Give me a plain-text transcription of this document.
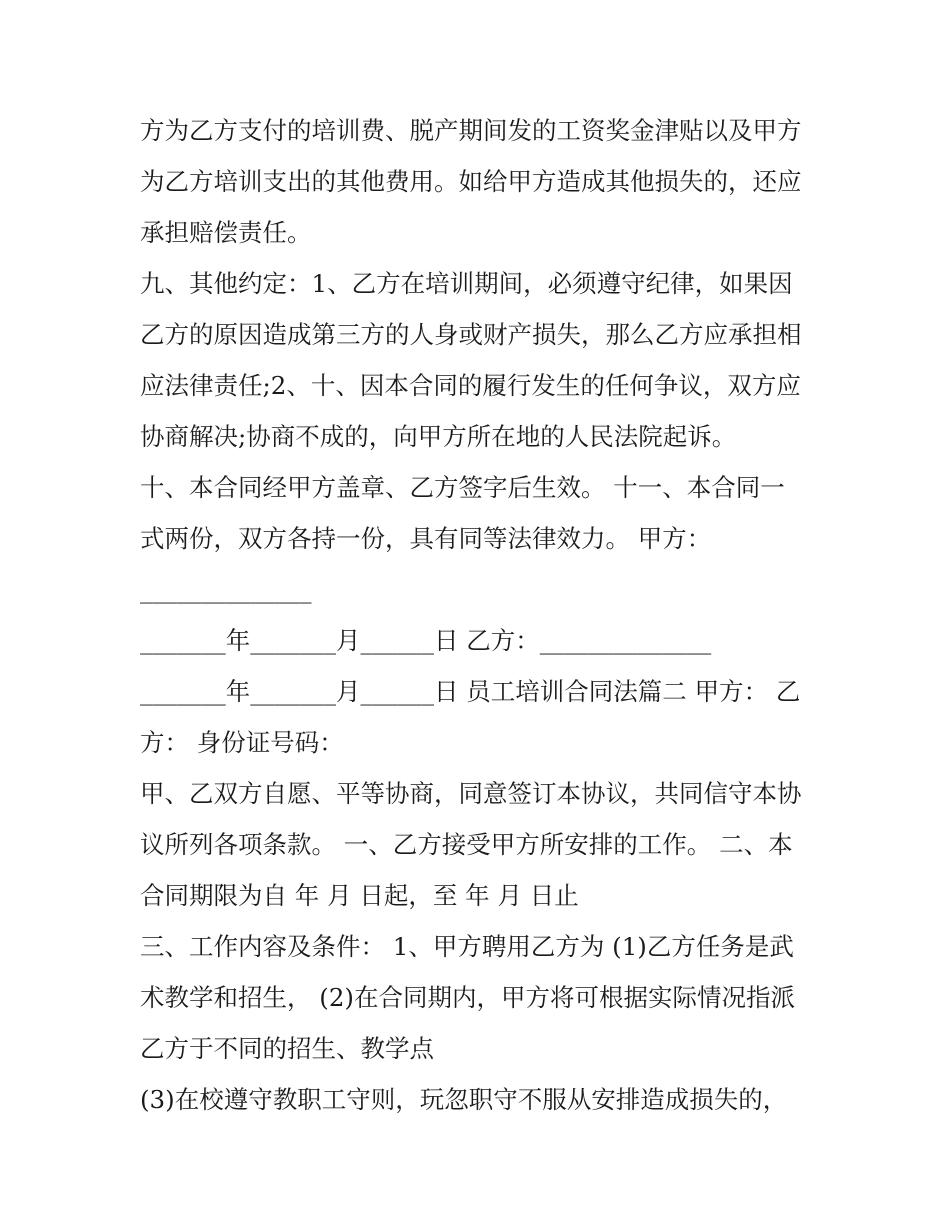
方为乙方支付的培训费、脱产期间发的工资奖金津贴以及甲方
为乙方培训支出的其他费用。如给甲方造成其他损失的，还应
承担赔偿责任。
九、其他约定：1、乙方在培训期间，必须遵守纪律，如果因
乙方的原因造成第三方的人身或财产损失，那么乙方应承担相
应法律责任;2、十、因本合同的履行发生的任何争议，双方应
协商解决;协商不成的，向甲方所在地的人民法院起诉。
十、本合同经甲方盖章、乙方签字后生效。 十一、本合同一
式两份，双方各持一份，具有同等法律效力。 甲方：
______________
_______年_______月______日 乙方：______________
_______年_______月______日 员工培训合同法篇二 甲方： 乙
方： 身份证号码：
甲、乙双方自愿、平等协商，同意签订本协议，共同信守本协
议所列各项条款。 一、乙方接受甲方所安排的工作。 二、本
合同期限为自 年 月 日起，至 年 月 日止
三、工作内容及条件： 1、甲方聘用乙方为 (1)乙方任务是武
术教学和招生， (2)在合同期内，甲方将可根据实际情况指派
乙方于不同的招生、教学点
(3)在校遵守教职工守则，玩忽职守不服从安排造成损失的，
